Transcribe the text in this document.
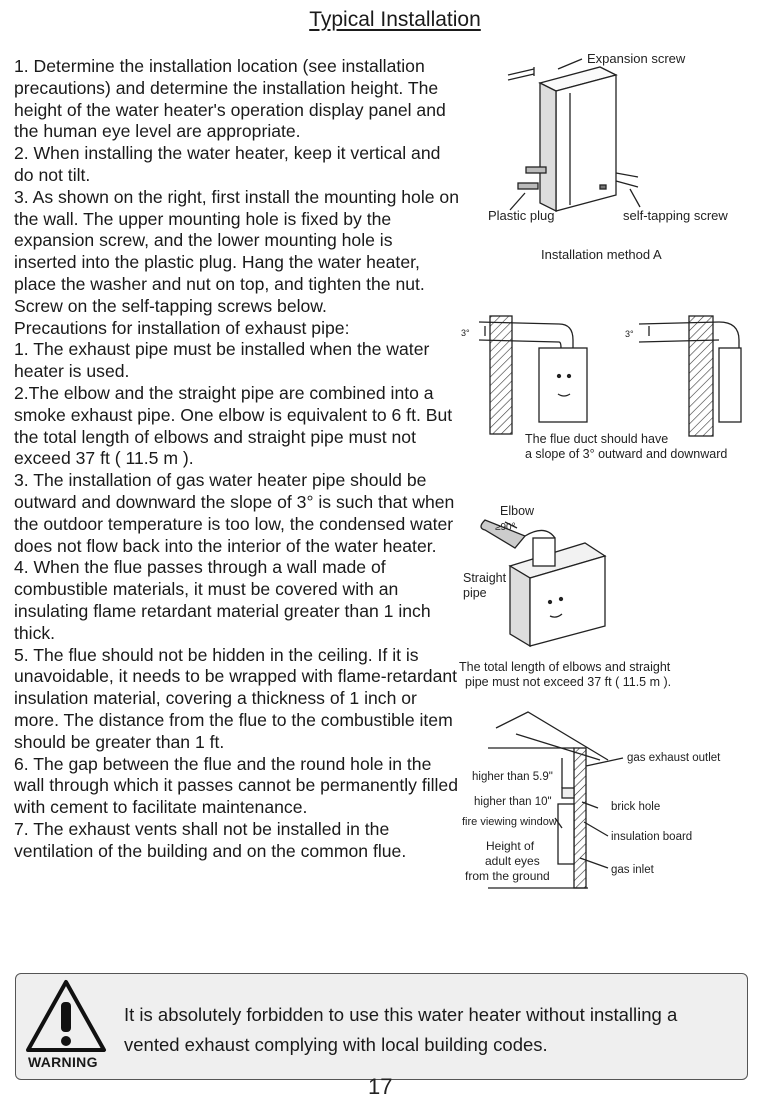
Typical Installation

1. Determine the installation location (see installation precautions) and determine the installation height. The height of the water heater's operation display panel and the human eye level are appropriate.

2. When installing the water heater, keep it vertical and do not tilt.

3. As shown on the right, first install the mounting hole on the wall. The upper mounting hole is fixed by the expansion screw, and the lower mounting hole is inserted into the plastic plug. Hang the water heater, place the washer and nut on top, and tighten the nut. Screw on the self-tapping screws below.

Precautions for installation of exhaust pipe:

1. The exhaust pipe must be installed when the water heater is used.

2.The elbow and the straight pipe are combined into a smoke exhaust pipe. One elbow is equivalent to 6 ft. But the total length of elbows and straight pipe must not exceed 37 ft ( 11.5 m ).

3. The installation of gas water heater pipe should be outward and downward the slope of 3° is such that when the outdoor temperature is too low, the condensed water does not flow back into the interior of the water heater.

4. When the flue passes through a wall made of combustible materials, it must be covered with an insulating flame retardant material greater than 1 inch thick.

5. The flue should not be hidden in the ceiling. If it is unavoidable, it needs to be wrapped with flame-retardant insulation material, covering a thickness of 1 inch or more. The distance from the flue to the combustible item should be greater than 1 ft.

6. The gap between the flue and the round hole in the wall through which it passes cannot be permanently filled with cement to facilitate maintenance.

7. The exhaust vents shall not be installed in the ventilation of the building and on the common flue.

Expansion screw
Plastic plug	self-tapping screw
Installation method A
3°	3°
The flue duct should have
a slope of 3° outward and downward
Elbow
≥90°
Straight
pipe
The total length of elbows and straight
pipe must not exceed 37 ft ( 11.5 m ).
higher than 5.9"
higher than 10"
fire viewing window
Height of
adult eyes
from the ground
gas exhaust outlet
brick hole
insulation board
gas inlet
WARNING
It is absolutely forbidden to use this water heater without installing a vented exhaust complying with local building codes.
17
